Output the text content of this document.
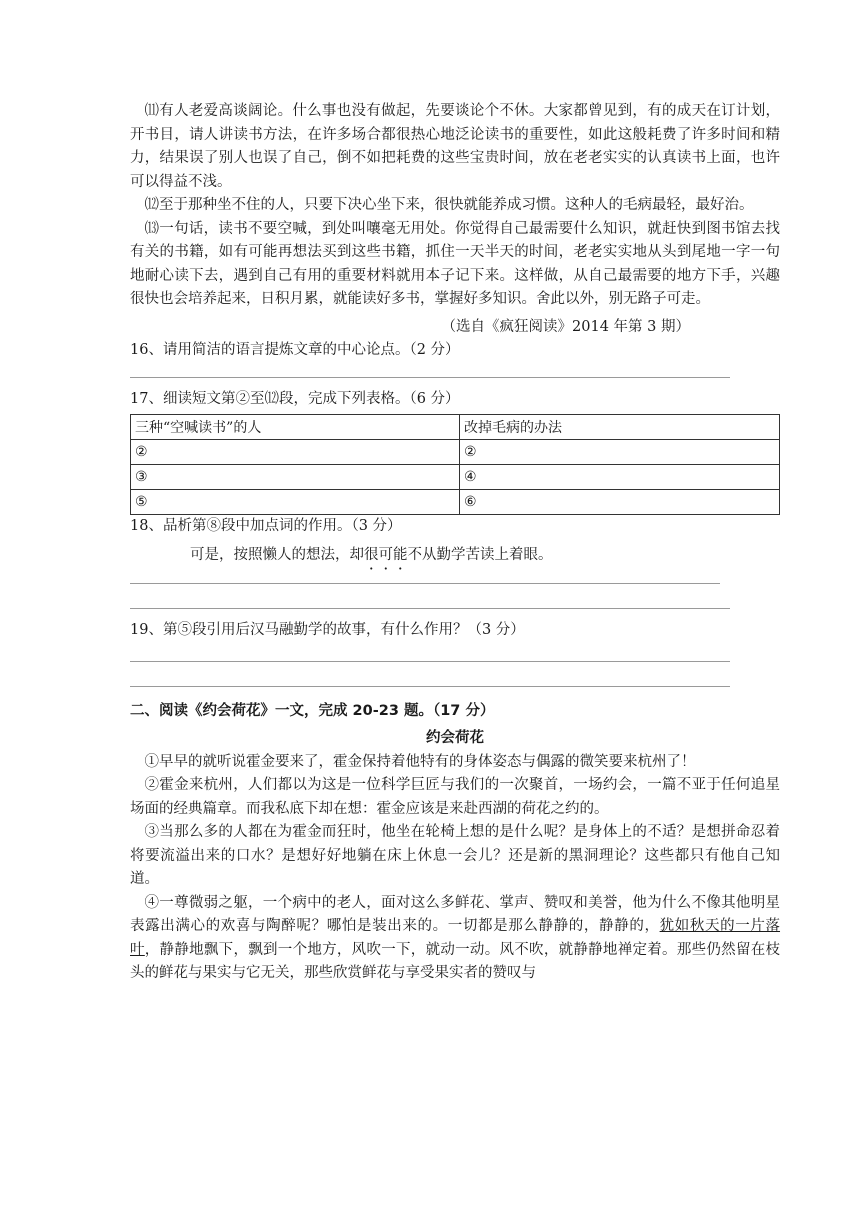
⑾有人老爱高谈阔论。什么事也没有做起，先要谈论个不休。大家都曾见到，有的成天在订计划，开书目，请人讲读书方法，在许多场合都很热心地泛论读书的重要性，如此这般耗费了许多时间和精力，结果误了别人也误了自己，倒不如把耗费的这些宝贵时间，放在老老实实的认真读书上面，也许可以得益不浅。

⑿至于那种坐不住的人，只要下决心坐下来，很快就能养成习惯。这种人的毛病最轻，最好治。

⒀一句话，读书不要空喊，到处叫嚷毫无用处。你觉得自己最需要什么知识，就赶快到图书馆去找有关的书籍，如有可能再想法买到这些书籍，抓住一天半天的时间，老老实实地从头到尾地一字一句地耐心读下去，遇到自己有用的重要材料就用本子记下来。这样做，从自己最需要的地方下手，兴趣很快也会培养起来，日积月累，就能读好多书，掌握好多知识。舍此以外，别无路子可走。

（选自《疯狂阅读》2014 年第 3 期）

16、请用简洁的语言提炼文章的中心论点。（2 分）

17、细读短文第②至⑿段，完成下列表格。（6 分）

三种“空喊读书”的人	改掉毛病的办法
②	②
③	④
⑤	⑥

18、品析第⑧段中加点词的作用。（3 分）

可是，按照懒人的想法，却很可能不从勤学苦读上着眼。

19、第⑤段引用后汉马融勤学的故事，有什么作用？（3 分）

二、阅读《约会荷花》一文，完成 20-23 题。（17 分）

约会荷花

①早早的就听说霍金要来了，霍金保持着他特有的身体姿态与偶露的微笑要来杭州了！

②霍金来杭州，人们都以为这是一位科学巨匠与我们的一次聚首，一场约会，一篇不亚于任何追星场面的经典篇章。而我私底下却在想：霍金应该是来赴西湖的荷花之约的。

③当那么多的人都在为霍金而狂时，他坐在轮椅上想的是什么呢？是身体上的不适？是想拼命忍着将要流溢出来的口水？是想好好地躺在床上休息一会儿？还是新的黑洞理论？这些都只有他自己知道。

④一尊微弱之躯，一个病中的老人，面对这么多鲜花、掌声、赞叹和美誉，他为什么不像其他明星表露出满心的欢喜与陶醉呢？哪怕是装出来的。一切都是那么静静的，静静的，犹如秋天的一片落叶，静静地飘下，飘到一个地方，风吹一下，就动一动。风不吹，就静静地禅定着。那些仍然留在枝头的鲜花与果实与它无关，那些欣赏鲜花与享受果实者的赞叹与
